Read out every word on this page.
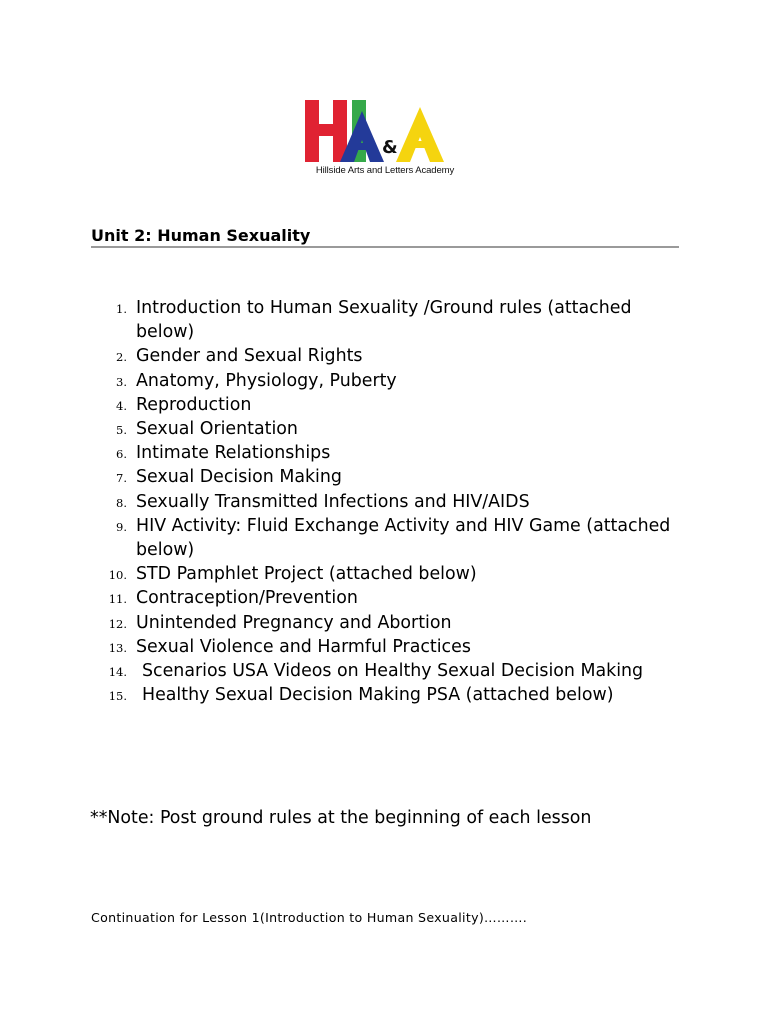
&
Hillside Arts and Letters Academy
Unit 2: Human Sexuality
1. Introduction to Human Sexuality /Ground rules (attached below)
2. Gender and Sexual Rights
3. Anatomy, Physiology, Puberty
4. Reproduction
5. Sexual Orientation
6. Intimate Relationships
7. Sexual Decision Making
8. Sexually Transmitted Infections and HIV/AIDS
9. HIV Activity: Fluid Exchange Activity and HIV Game (attached below)
10. STD Pamphlet Project (attached below)
11. Contraception/Prevention
12. Unintended Pregnancy and Abortion
13. Sexual Violence and Harmful Practices
14. Scenarios USA Videos on Healthy Sexual Decision Making
15. Healthy Sexual Decision Making PSA (attached below)

**Note: Post ground rules at the beginning of each lesson

Continuation for Lesson 1(Introduction to Human Sexuality)……….
